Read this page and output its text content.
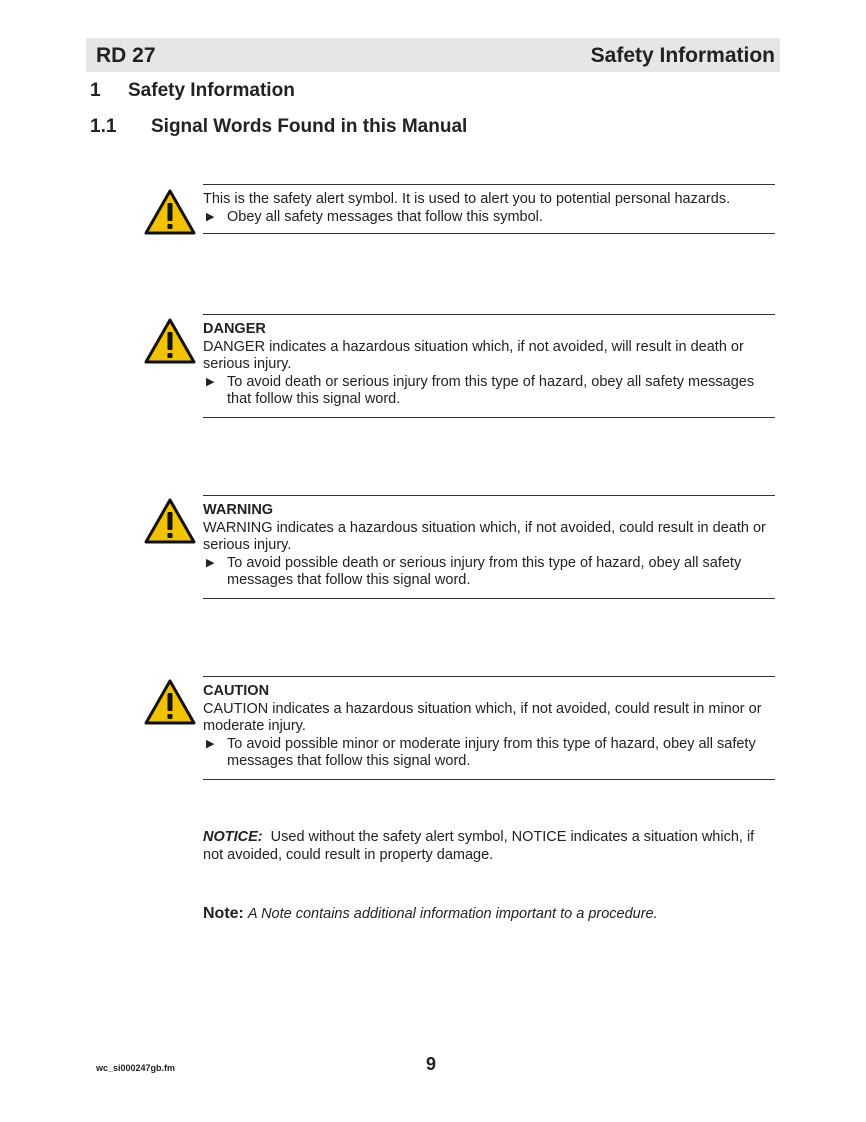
RD 27	Safety Information
1 Safety Information
1.1 Signal Words Found in this Manual
This is the safety alert symbol. It is used to alert you to potential personal hazards.
▶ Obey all safety messages that follow this symbol.
DANGER
DANGER indicates a hazardous situation which, if not avoided, will result in death or serious injury.
▶ To avoid death or serious injury from this type of hazard, obey all safety messages that follow this signal word.
WARNING
WARNING indicates a hazardous situation which, if not avoided, could result in death or serious injury.
▶ To avoid possible death or serious injury from this type of hazard, obey all safety messages that follow this signal word.
CAUTION
CAUTION indicates a hazardous situation which, if not avoided, could result in minor or moderate injury.
▶ To avoid possible minor or moderate injury from this type of hazard, obey all safety messages that follow this signal word.
NOTICE: Used without the safety alert symbol, NOTICE indicates a situation which, if not avoided, could result in property damage.
Note: A Note contains additional information important to a procedure.
wc_si000247gb.fm	9
